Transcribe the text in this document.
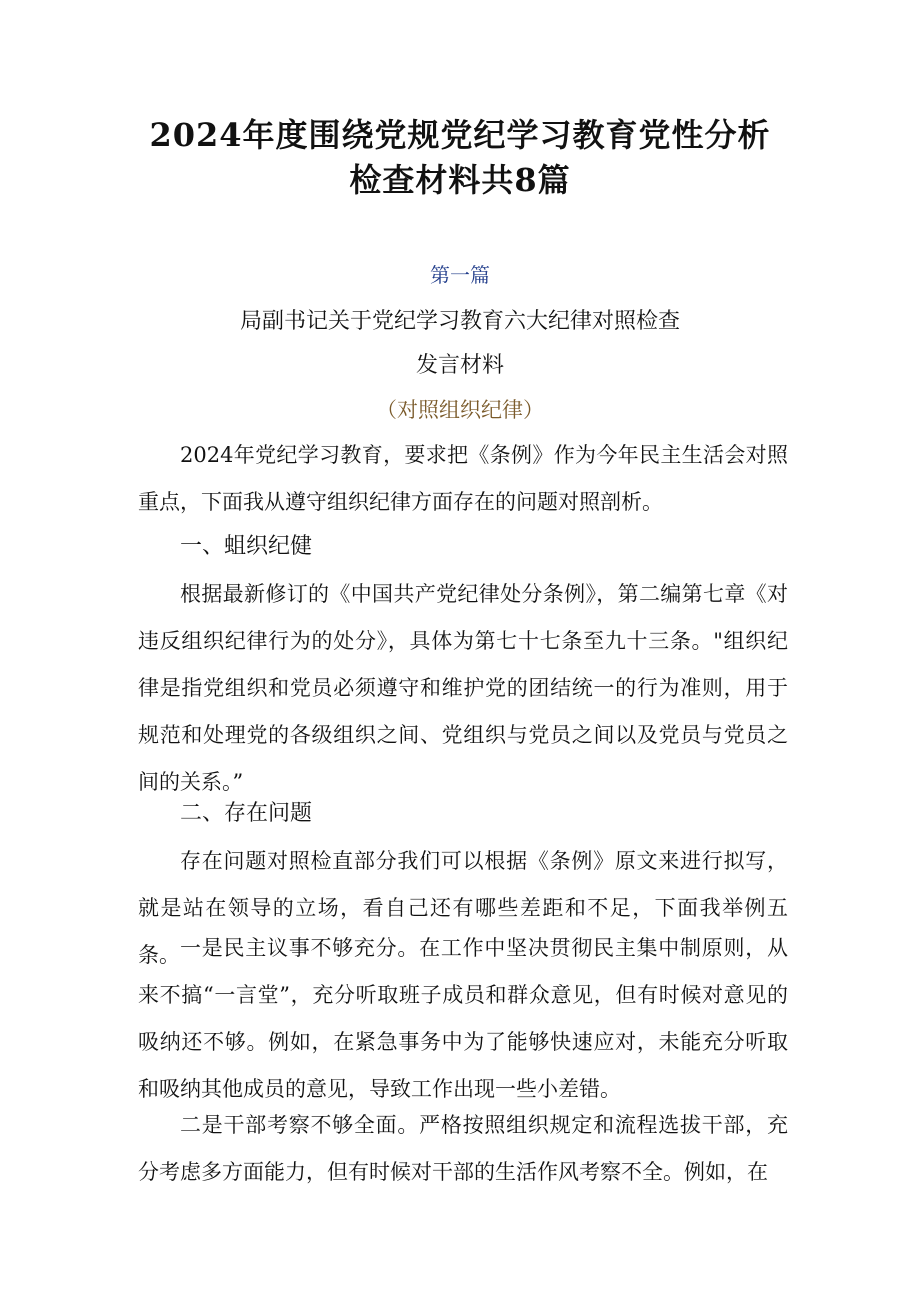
2024年度围绕党规党纪学习教育党性分析
检查材料共8篇
第一篇
局副书记关于党纪学习教育六大纪律对照检查
发言材料
（对照组织纪律）

2024年党纪学习教育，要求把《条例》作为今年民主生活会对照重点，下面我从遵守组织纪律方面存在的问题对照剖析。

一、蛆织纪健

根据最新修订的《中国共产党纪律处分条例》，第二编第七章《对违反组织纪律行为的处分》，具体为第七十七条至九十三条。"组织纪律是指党组织和党员必须遵守和维护党的团结统一的行为准则，用于规范和处理党的各级组织之间、党组织与党员之间以及党员与党员之间的关系。”

二、存在问题

存在问题对照检直部分我们可以根据《条例》原文来进行拟写，就是站在领导的立场，看自己还有哪些差距和不足，下面我举例五条。 一是民主议事不够充分。在工作中坚决贯彻民主集中制原则，从来不搞“一言堂”，充分听取班子成员和群众意见，但有时候对意见的吸纳还不够。例如，在紧急事务中为了能够快速应对，未能充分听取和吸纳其他成员的意见，导致工作出现一些小差错。

二是干部考察不够全面。严格按照组织规定和流程选拔干部，充分考虑多方面能力，但有时候对干部的生活作风考察不全。例如，在
